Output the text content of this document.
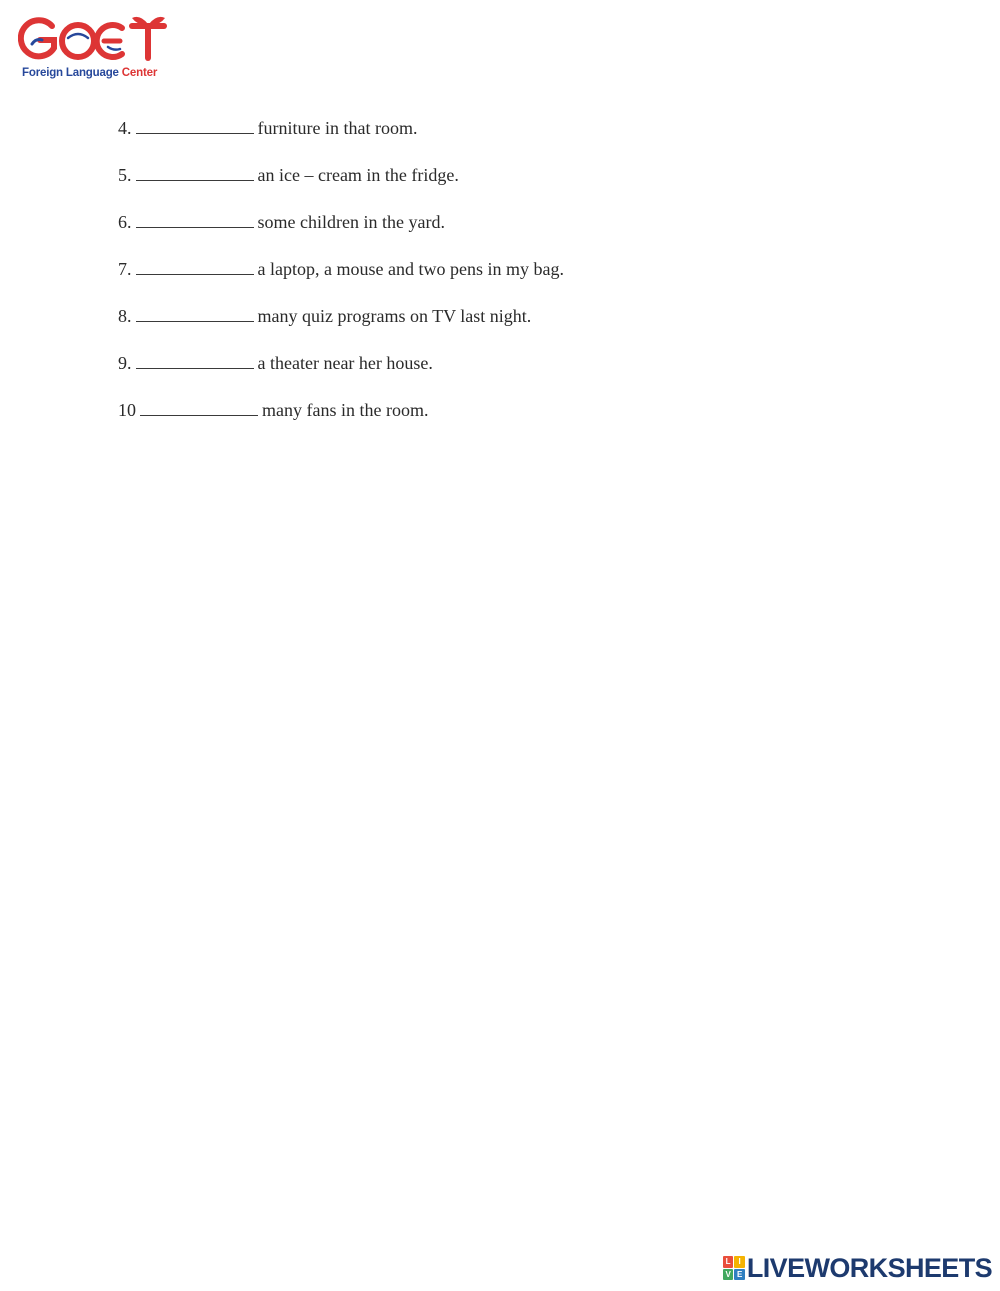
Foreign Language Center
4.	furniture in that room.
5.	an ice – cream in the fridge.
6.	some children in the yard.
7.	a laptop, a mouse and two pens in my bag.
8.	many quiz programs on TV last night.
9.	a theater near her house.
10	many fans in the room.
L I
V E LIVEWORKSHEETS
